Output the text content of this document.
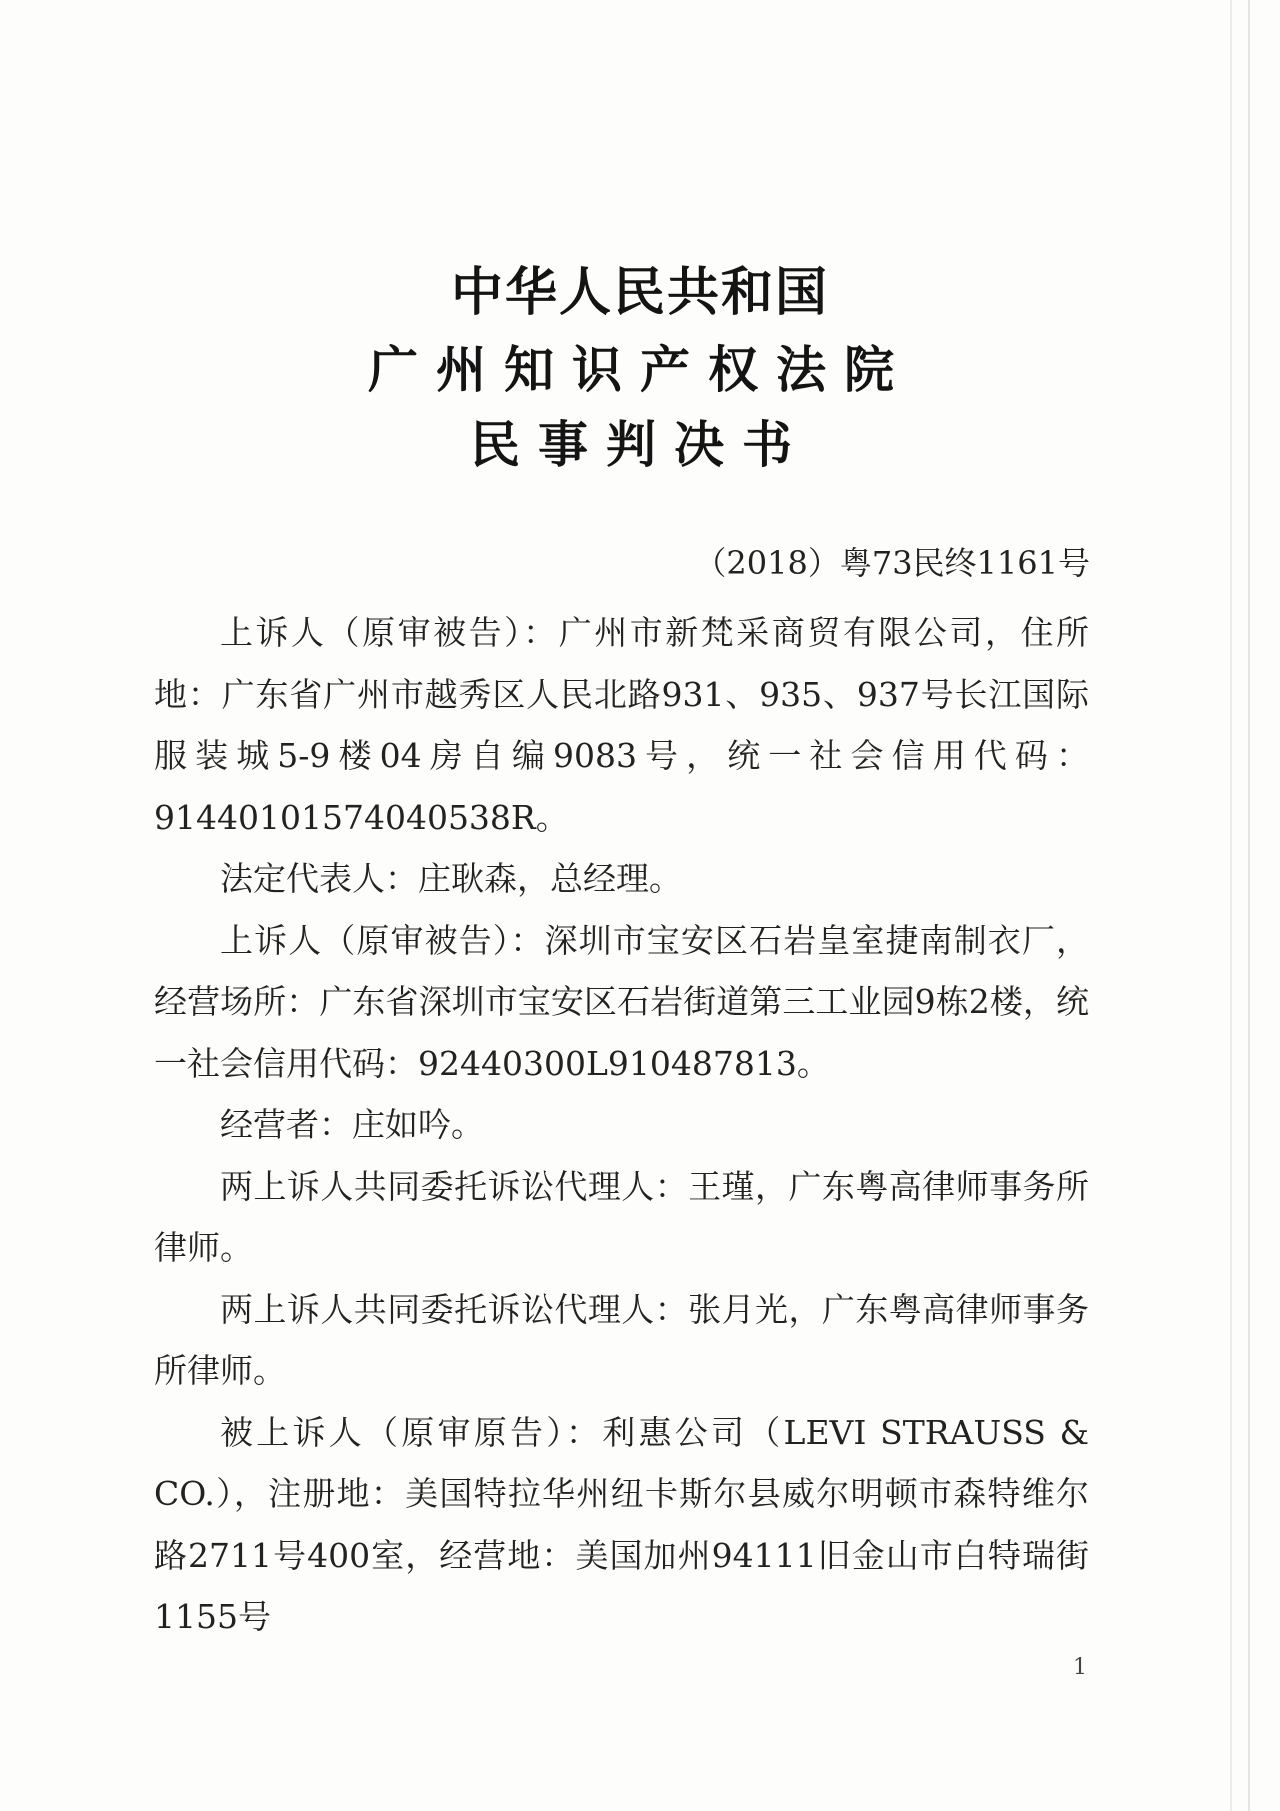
中华人民共和国
广州知识产权法院
民事判决书
（2018）粤73民终1161号

上诉人（原审被告）：广州市新梵采商贸有限公司，住所地：广东省广州市越秀区人民北路931、935、937号长江国际服装城5-9楼04房自编9083号，统一社会信用代码：91440101574040538R。

法定代表人：庄耿森，总经理。

上诉人（原审被告）：深圳市宝安区石岩皇室捷南制衣厂，经营场所：广东省深圳市宝安区石岩街道第三工业园9栋2楼，统一社会信用代码：92440300L910487813。

经营者：庄如吟。

两上诉人共同委托诉讼代理人：王瑾，广东粤高律师事务所律师。

两上诉人共同委托诉讼代理人：张月光，广东粤高律师事务所律师。

被上诉人（原审原告）：利惠公司（LEVI STRAUSS & CO.），注册地：美国特拉华州纽卡斯尔县威尔明顿市森特维尔路2711号400室，经营地：美国加州94111旧金山市白特瑞街1155号

1
